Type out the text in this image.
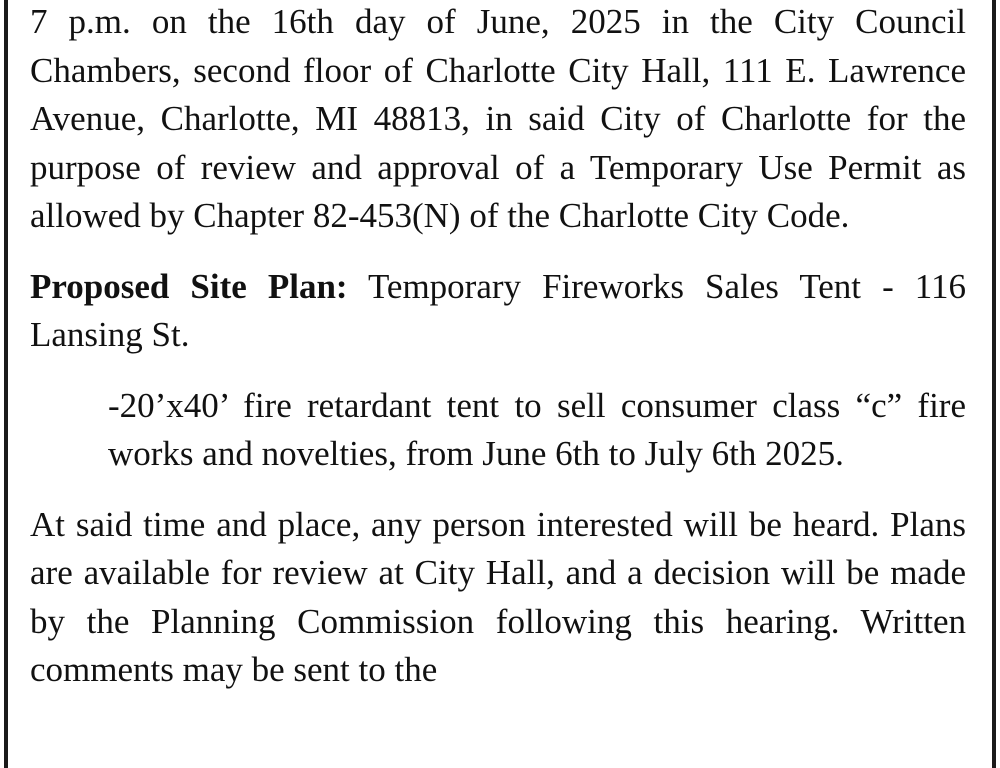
7 p.m. on the 16th day of June, 2025 in the City Council Chambers, second floor of Charlotte City Hall, 111 E. Lawrence Avenue, Charlotte, MI 48813, in said City of Charlotte for the purpose of review and approval of a Temporary Use Permit as allowed by Chapter 82-453(N) of the Charlotte City Code.

Proposed Site Plan: Temporary Fireworks Sales Tent - 116 Lansing St.

-20’x40’ fire retardant tent to sell consumer class “c” fire works and novelties, from June 6th to July 6th 2025.

At said time and place, any person interested will be heard. Plans are available for review at City Hall, and a decision will be made by the Planning Commission following this hearing. Written comments may be sent to the
